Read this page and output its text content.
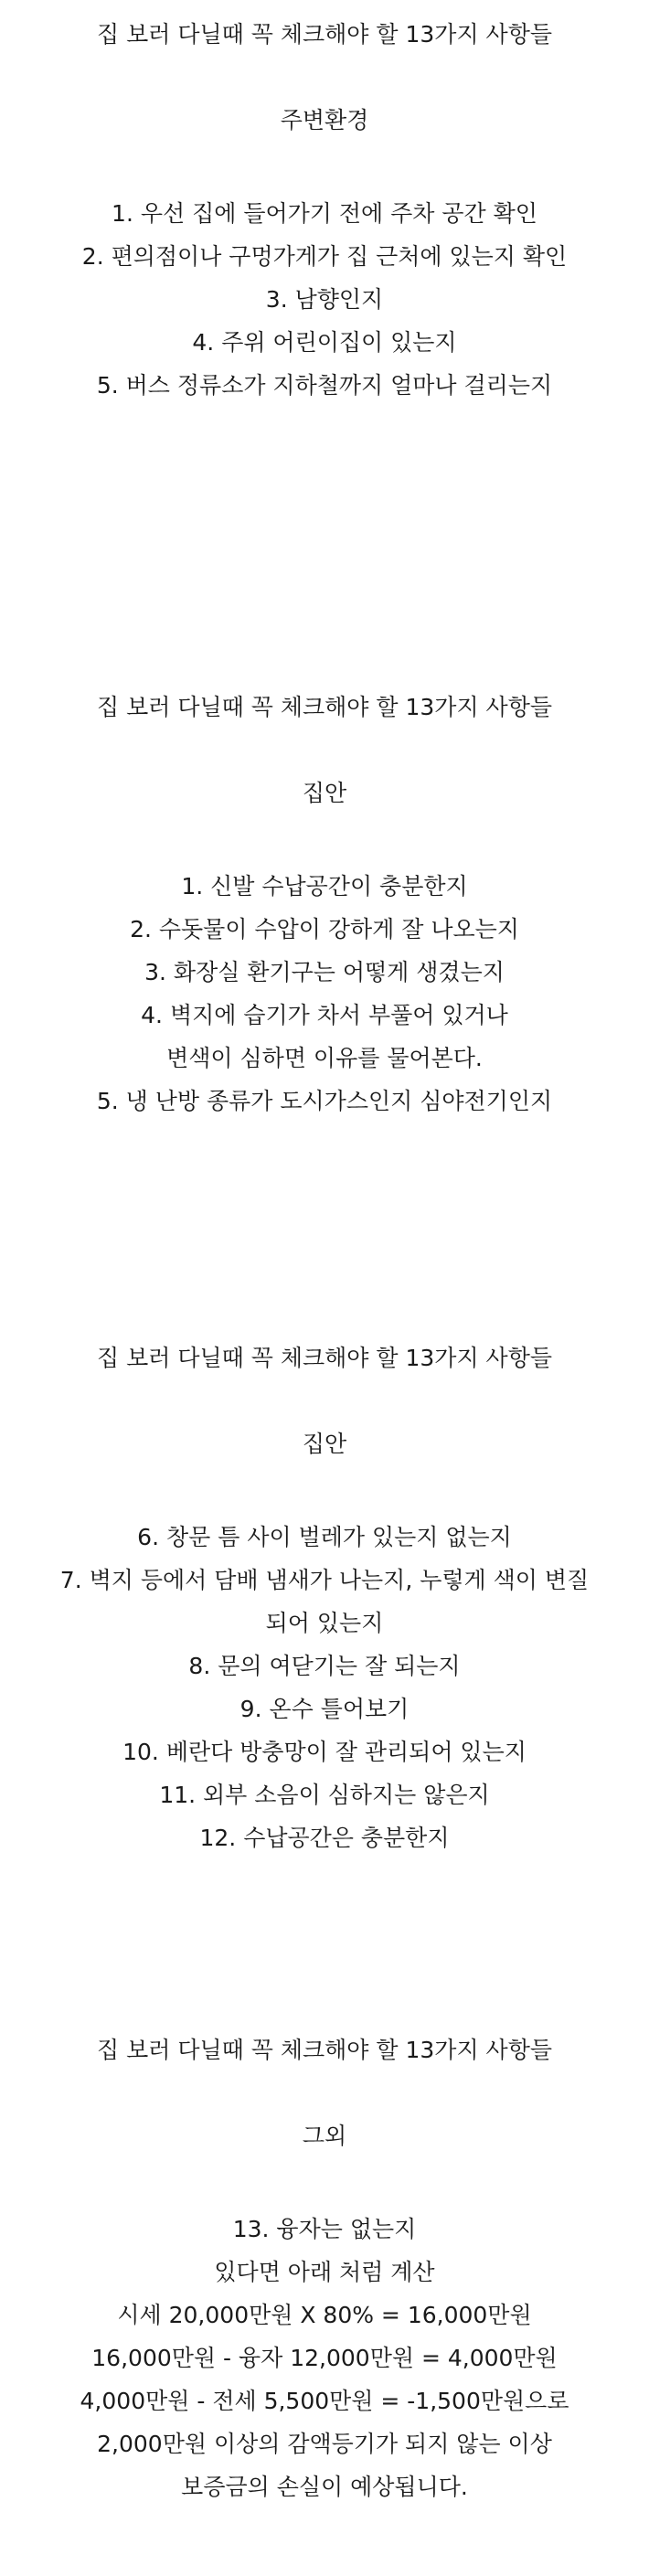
집 보러 다닐때 꼭 체크해야 할 13가지 사항들
주변환경
1. 우선 집에 들어가기 전에 주차 공간 확인
2. 편의점이나 구멍가게가 집 근처에 있는지 확인
3. 남향인지
4. 주위 어린이집이 있는지
5. 버스 정류소가 지하철까지 얼마나 걸리는지
집 보러 다닐때 꼭 체크해야 할 13가지 사항들
집안
1. 신발 수납공간이 충분한지
2. 수돗물이 수압이 강하게 잘 나오는지
3. 화장실 환기구는 어떻게 생겼는지
4. 벽지에 습기가 차서 부풀어 있거나
변색이 심하면 이유를 물어본다.
5. 냉 난방 종류가 도시가스인지 심야전기인지
집 보러 다닐때 꼭 체크해야 할 13가지 사항들
집안
6. 창문 틈 사이 벌레가 있는지 없는지
7. 벽지 등에서 담배 냄새가 나는지, 누렇게 색이 변질
되어 있는지
8. 문의 여닫기는 잘 되는지
9. 온수 틀어보기
10. 베란다 방충망이 잘 관리되어 있는지
11. 외부 소음이 심하지는 않은지
12. 수납공간은 충분한지
집 보러 다닐때 꼭 체크해야 할 13가지 사항들
그외
13. 융자는 없는지
있다면 아래 처럼 계산
시세 20,000만원 X 80% = 16,000만원
16,000만원 - 융자 12,000만원 = 4,000만원
4,000만원 - 전세 5,500만원 = -1,500만원으로
2,000만원 이상의 감액등기가 되지 않는 이상
보증금의 손실이 예상됩니다.
